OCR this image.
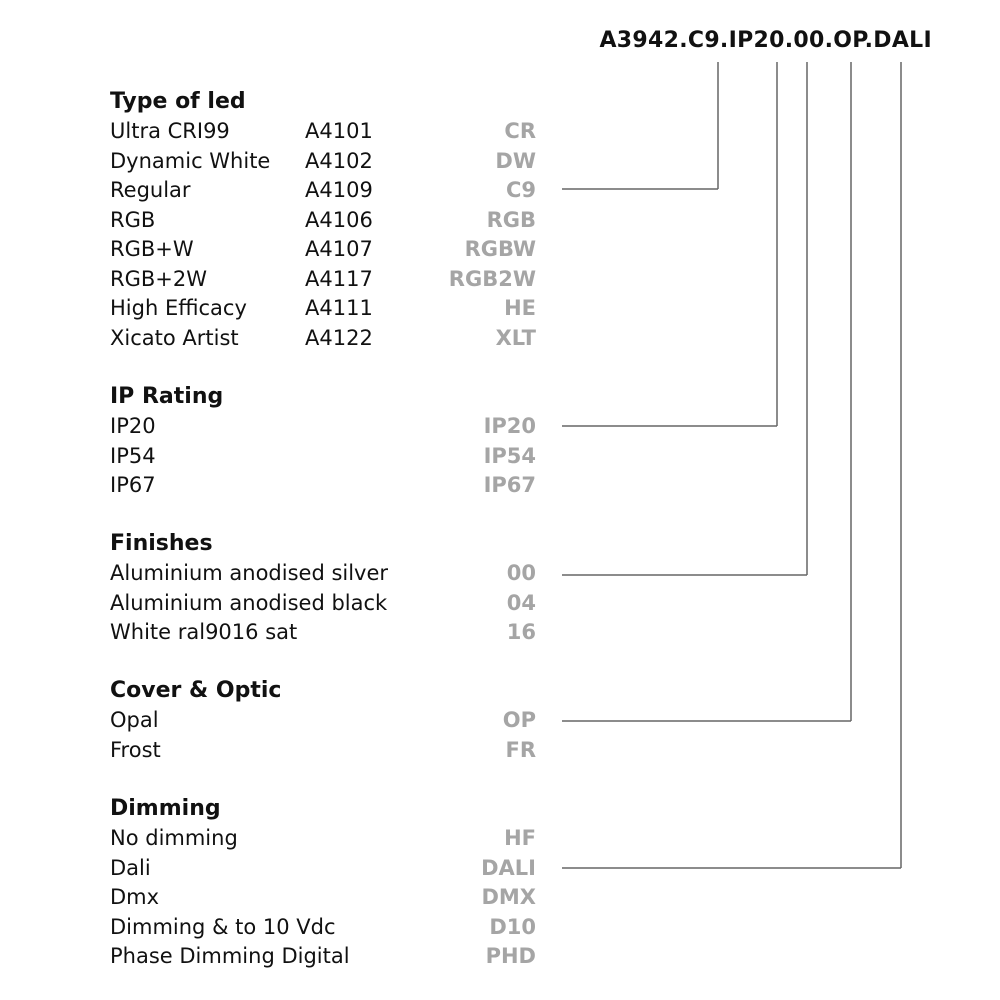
A3942.C9.IP20.00.OP.DALI
Type of led
Ultra CRI99	A4101	CR
Dynamic White A4102	DW
Regular	A4109	C9
RGB	A4106	RGB
RGB+W	A4107	RGBW
RGB+2W	A4117	RGB2W
High Efficacy	A4111	HE
Xicato Artist	A4122	XLT
IP Rating
IP20	IP20
IP54	IP54
IP67	IP67
Finishes
Aluminium anodised silver	00
Aluminium anodised black	04
White ral9016 sat	16
Cover & Optic
Opal	OP
Frost	FR
Dimming
No dimming	HF
Dali	DALI
Dmx	DMX
Dimming & to 10 Vdc	D10
Phase Dimming Digital	PHD
